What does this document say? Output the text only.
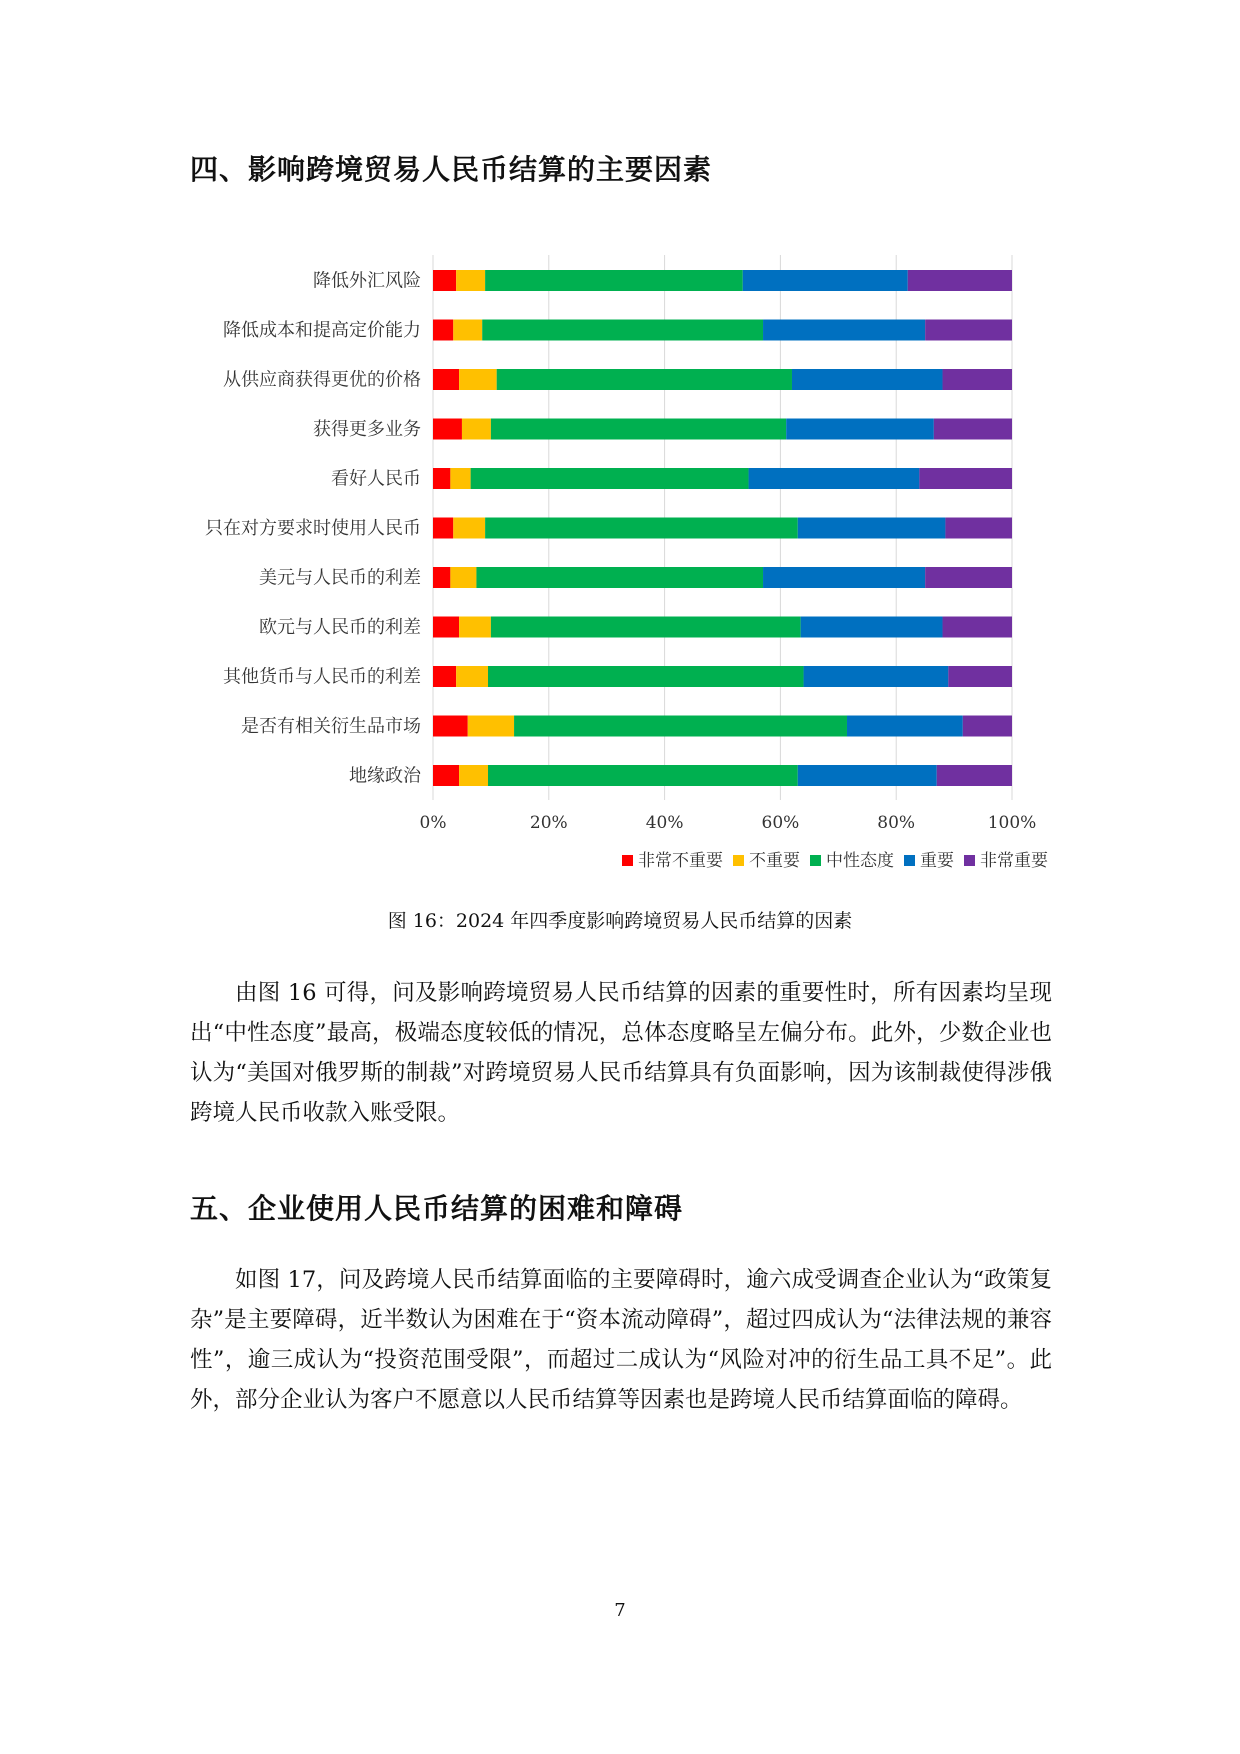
四、影响跨境贸易人民币结算的主要因素
降低外汇风险
降低成本和提高定价能力
从供应商获得更优的价格
获得更多业务
看好人民币
只在对方要求时使用人民币
美元与人民币的利差
欧元与人民币的利差
其他货币与人民币的利差
是否有相关衍生品市场
地缘政治
0%	20%	40%	60%	80%	100%
非常不重要 不重要 中性态度 重要 非常重要

图 16：2024 年四季度影响跨境贸易人民币结算的因素

由图 16 可得，问及影响跨境贸易人民币结算的因素的重要性时，所有因素均呈现出“中性态度”最高，极端态度较低的情况，总体态度略呈左偏分布。此外，少数企业也认为“美国对俄罗斯的制裁”对跨境贸易人民币结算具有负面影响，因为该制裁使得涉俄跨境人民币收款入账受限。

五、企业使用人民币结算的困难和障碍

如图 17，问及跨境人民币结算面临的主要障碍时，逾六成受调查企业认为“政策复杂”是主要障碍，近半数认为困难在于“资本流动障碍”，超过四成认为“法律法规的兼容性”，逾三成认为“投资范围受限”，而超过二成认为“风险对冲的衍生品工具不足”。此外，部分企业认为客户不愿意以人民币结算等因素也是跨境人民币结算面临的障碍。

7
